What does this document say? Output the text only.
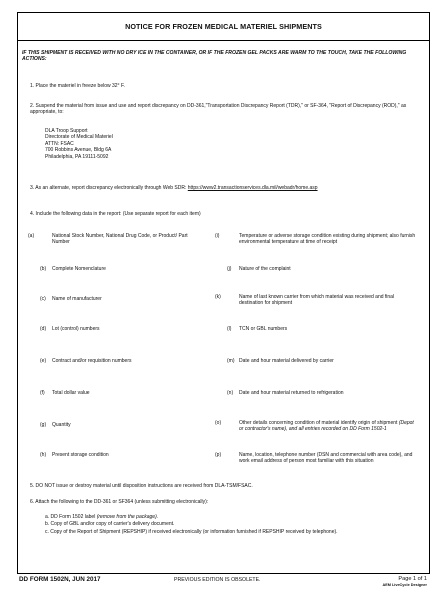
NOTICE FOR FROZEN MEDICAL MATERIEL SHIPMENTS
IF THIS SHIPMENT IS RECEIVED WITH NO DRY ICE IN THE CONTAINER, OR IF THE FROZEN GEL PACKS ARE WARM TO THE TOUCH, TAKE THE FOLLOWING ACTIONS:
1. Place the materiel in freeze below 32° F.
2. Suspend the material from issue and use and report discrepancy on DD-361,"Transportation Discrepancy Report (TDR)," or SF-364, "Report of Discrepancy (ROD)," as appropriate, to:
DLA Troop Support
Directorate of Medical Materiel
ATTN: FSAC
700 Robbins Avenue, Bldg 6A
Philadelphia, PA 19111-5092
3. As an alternate, report discrepancy electronically through Web SDR: https://www2.transactionservices.dla.mil/webadr/home.asp
4. Include the following data in the report: (Use separate report for each item)
(a)	National Stock Number, National Drug Code, or Product/ Part Number
(b) Complete Nomenclature
(c) Name of manufacturer
(d) Lot (control) numbers
(e) Contract and/or requisition numbers
(f) Total dollar value
(g) Quantity
(h) Present storage condition
(i)	Temperature or adverse storage condition existing during shipment; also furnish environmental temperature at time of receipt
(j) Nature of the complaint
(k)	Name of last known carrier from which material was received and final destination for shipment
(l) TCN or GBL numbers
(m) Date and hour material delivered by carrier
(n) Date and hour material returned to refrigeration
(o)	Other details concerning condition of material identify origin of shipment (Depot or contractor's name), and all entries recorded on DD Form 1502-1
(p)	Name, location, telephone number (DSN and commercial with area code), and work email address of person most familiar with this situation
5. DO NOT issue or destroy material until disposition instructions are received from DLA-TSM/FSAC.
6. Attach the following to the DD-361 or SF364 (unless submitting electronically):
a. DD Form 1502 label (remove from the package).
b. Copy of GBL and/or copy of carrier's delivery document.
c. Copy of the Report of Shipment (REPSHIP) if received electronically (or information furnished if REPSHIP received by telephone).
DD FORM 1502N, JUN 2017	PREVIOUS EDITION IS OBSOLETE.	Page 1 of 1
AEM LiveCycle Designer
